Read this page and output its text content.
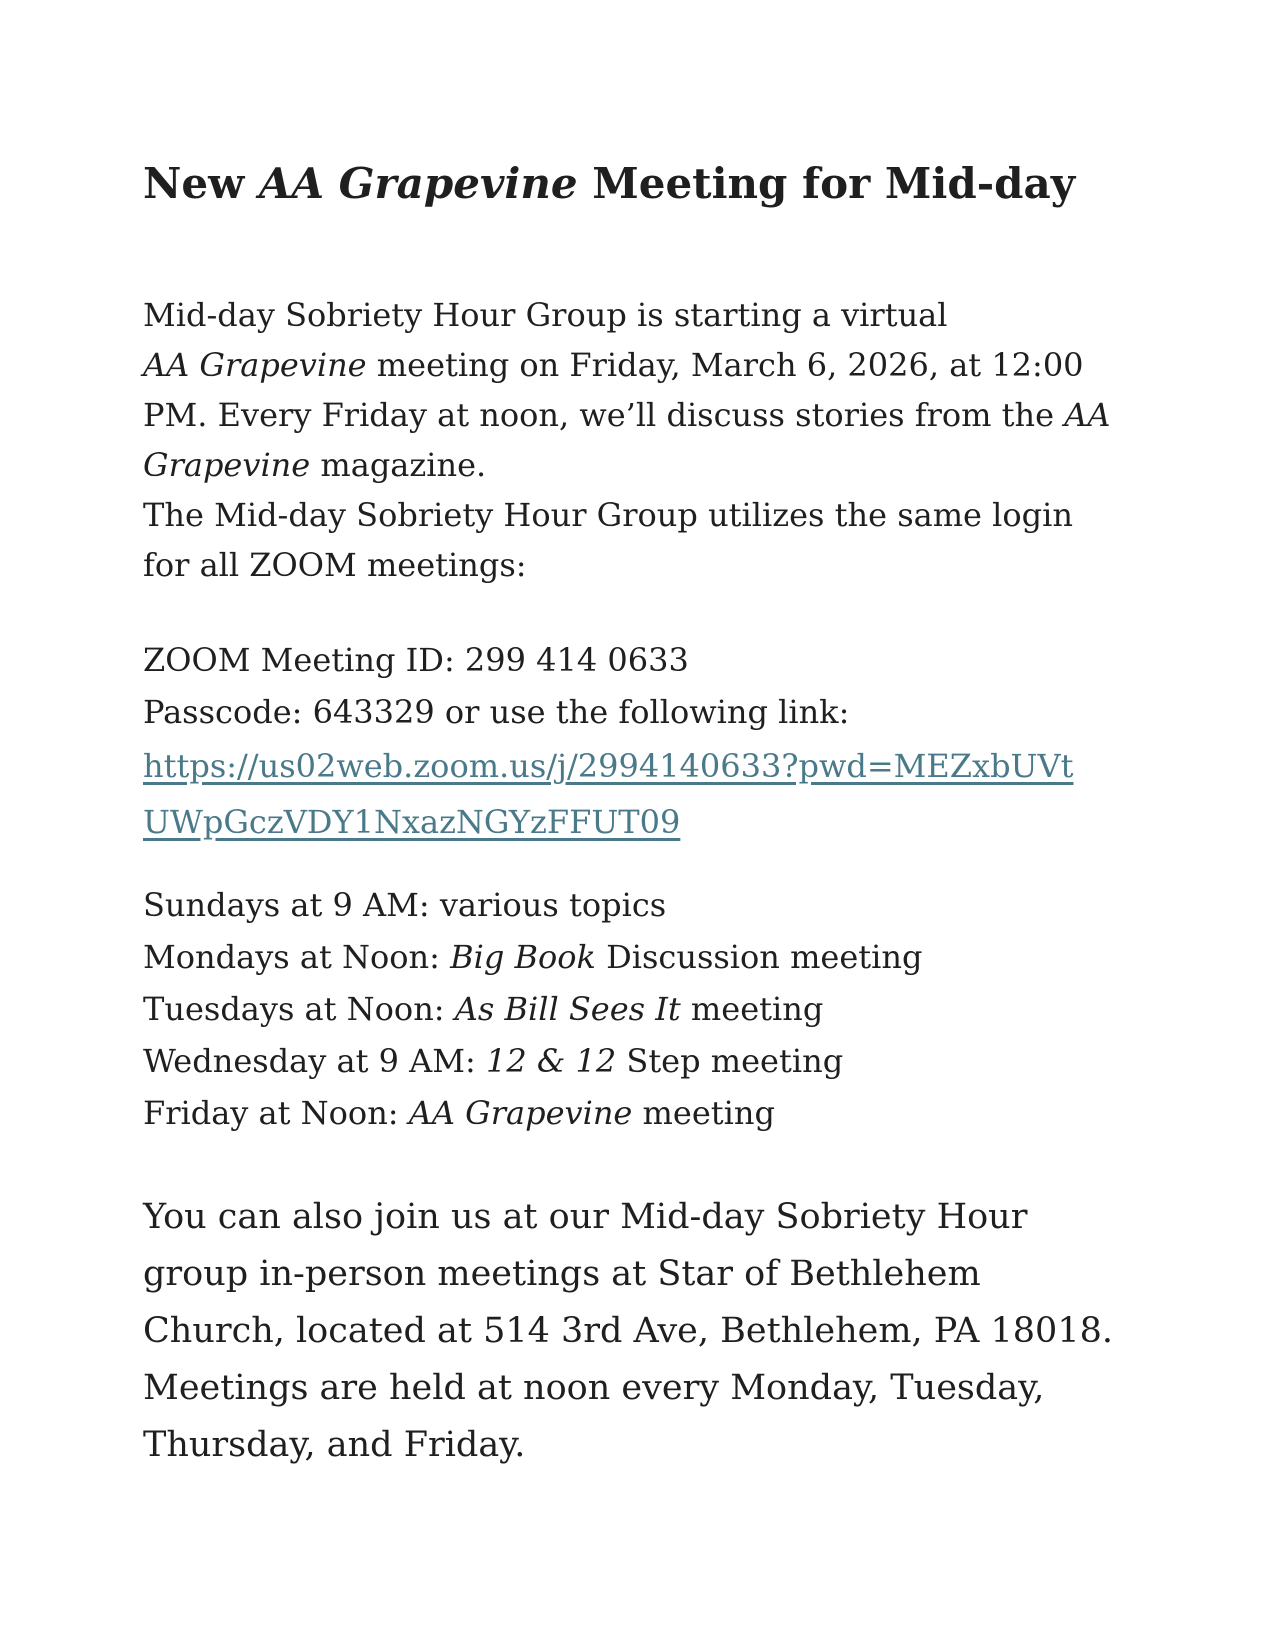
New AA Grapevine Meeting for Mid-day
Mid-day Sobriety Hour Group is starting a virtual
AA Grapevine meeting on Friday, March 6, 2026, at 12:00
PM. Every Friday at noon, we’ll discuss stories from the AA
Grapevine magazine.
The Mid-day Sobriety Hour Group utilizes the same login
for all ZOOM meetings:
ZOOM Meeting ID: 299 414 0633
Passcode: 643329 or use the following link:
https://us02web.zoom.us/j/2994140633?pwd=MEZxbUVt
UWpGczVDY1NxazNGYzFFUT09
Sundays at 9 AM: various topics
Mondays at Noon: Big Book Discussion meeting
Tuesdays at Noon: As Bill Sees It meeting
Wednesday at 9 AM: 12 & 12 Step meeting
Friday at Noon: AA Grapevine meeting
You can also join us at our Mid-day Sobriety Hour
group in-person meetings at Star of Bethlehem
Church, located at 514 3rd Ave, Bethlehem, PA 18018.
Meetings are held at noon every Monday, Tuesday,
Thursday, and Friday.
